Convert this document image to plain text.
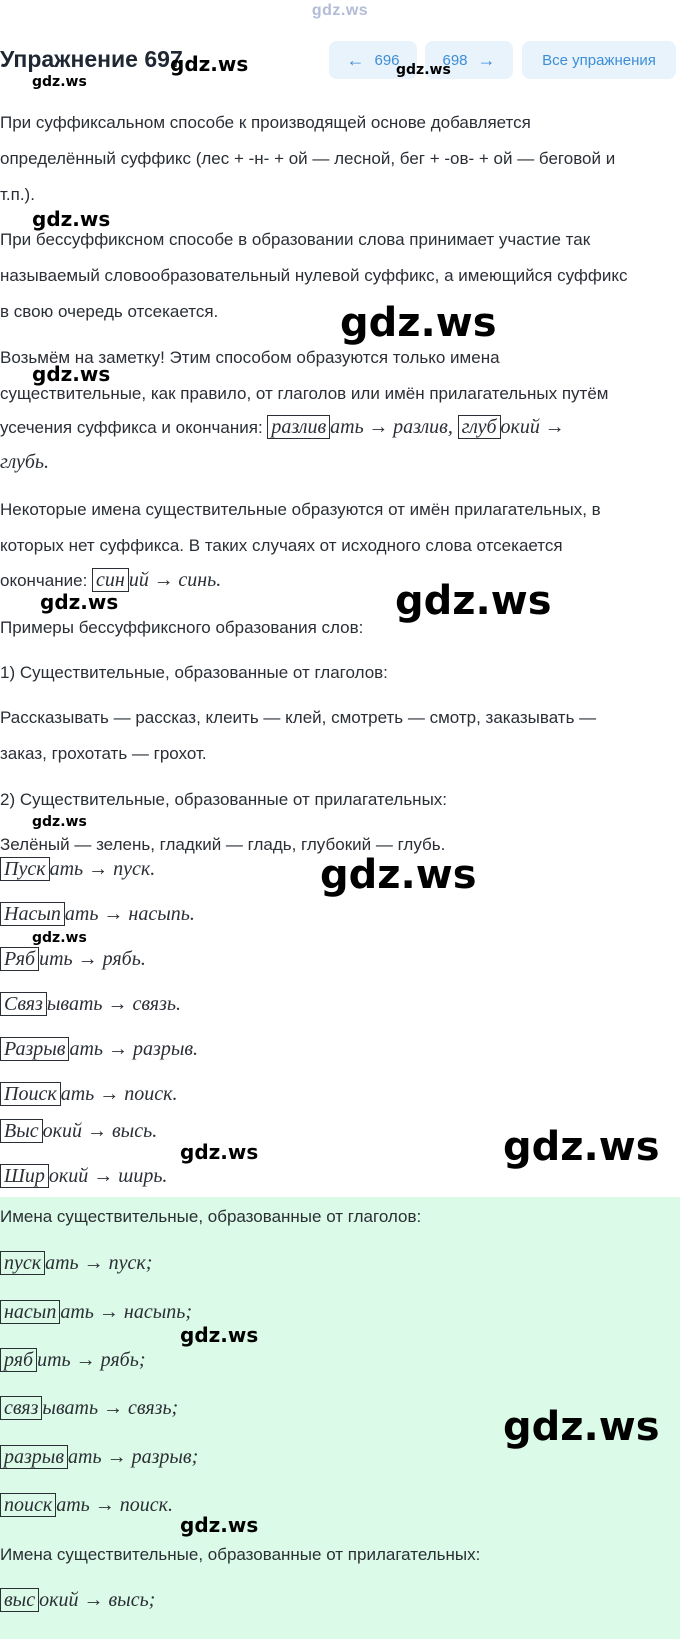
gdz.ws
Упражнение 697	← 696	698 →	Все упражнения
При суффиксальном способе к производящей основе добавляется
определённый суффикс (лес + -н- + ой — лесной, бег + -ов- + ой — беговой и
т.п.).
При бессуффиксном способе в образовании слова принимает участие так
называемый словообразовательный нулевой суффикс, а имеющийся суффикс
в свою очередь отсекается.
Возьмём на заметку! Этим способом образуются только имена
существительные, как правило, от глаголов или имён прилагательных путём
усечения суффикса и окончания: разлив ать → разлив, глуб окий →
глубь.
Некоторые имена существительные образуются от имён прилагательных, в
которых нет суффикса. В таких случаях от исходного слова отсекается
окончание: син ий → синь.
Примеры бессуффиксного образования слов:
1) Существительные, образованные от глаголов:
Рассказывать — рассказ, клеить — клей, смотреть — смотр, заказывать —
заказ, грохотать — грохот.
2) Существительные, образованные от прилагательных:
Зелёный — зелень, гладкий — гладь, глубокий — глубь.
Пуск ать → пуск.
Насып ать → насыпь.
Ряб ить → рябь.
Связ ывать → связь.
Разрыв ать → разрыв.
Поиск ать → поиск.
Выс окий → высь.
Шир окий → ширь.
Имена существительные, образованные от глаголов:
пуск ать → пуск;
насып ать → насыпь;
ряб ить → рябь;
связ ывать → связь;
разрыв ать → разрыв;
поиск ать → поиск.
Имена существительные, образованные от прилагательных:
выс окий → высь;
gdz.ws
gdz.ws
gdz.ws
gdz.ws
gdz.ws
gdz.ws
gdz.ws	gdz.ws
gdz.ws
gdz.ws
gdz.ws
gdz.ws	gdz.ws
gdz.ws
gdz.ws
gdz.ws
